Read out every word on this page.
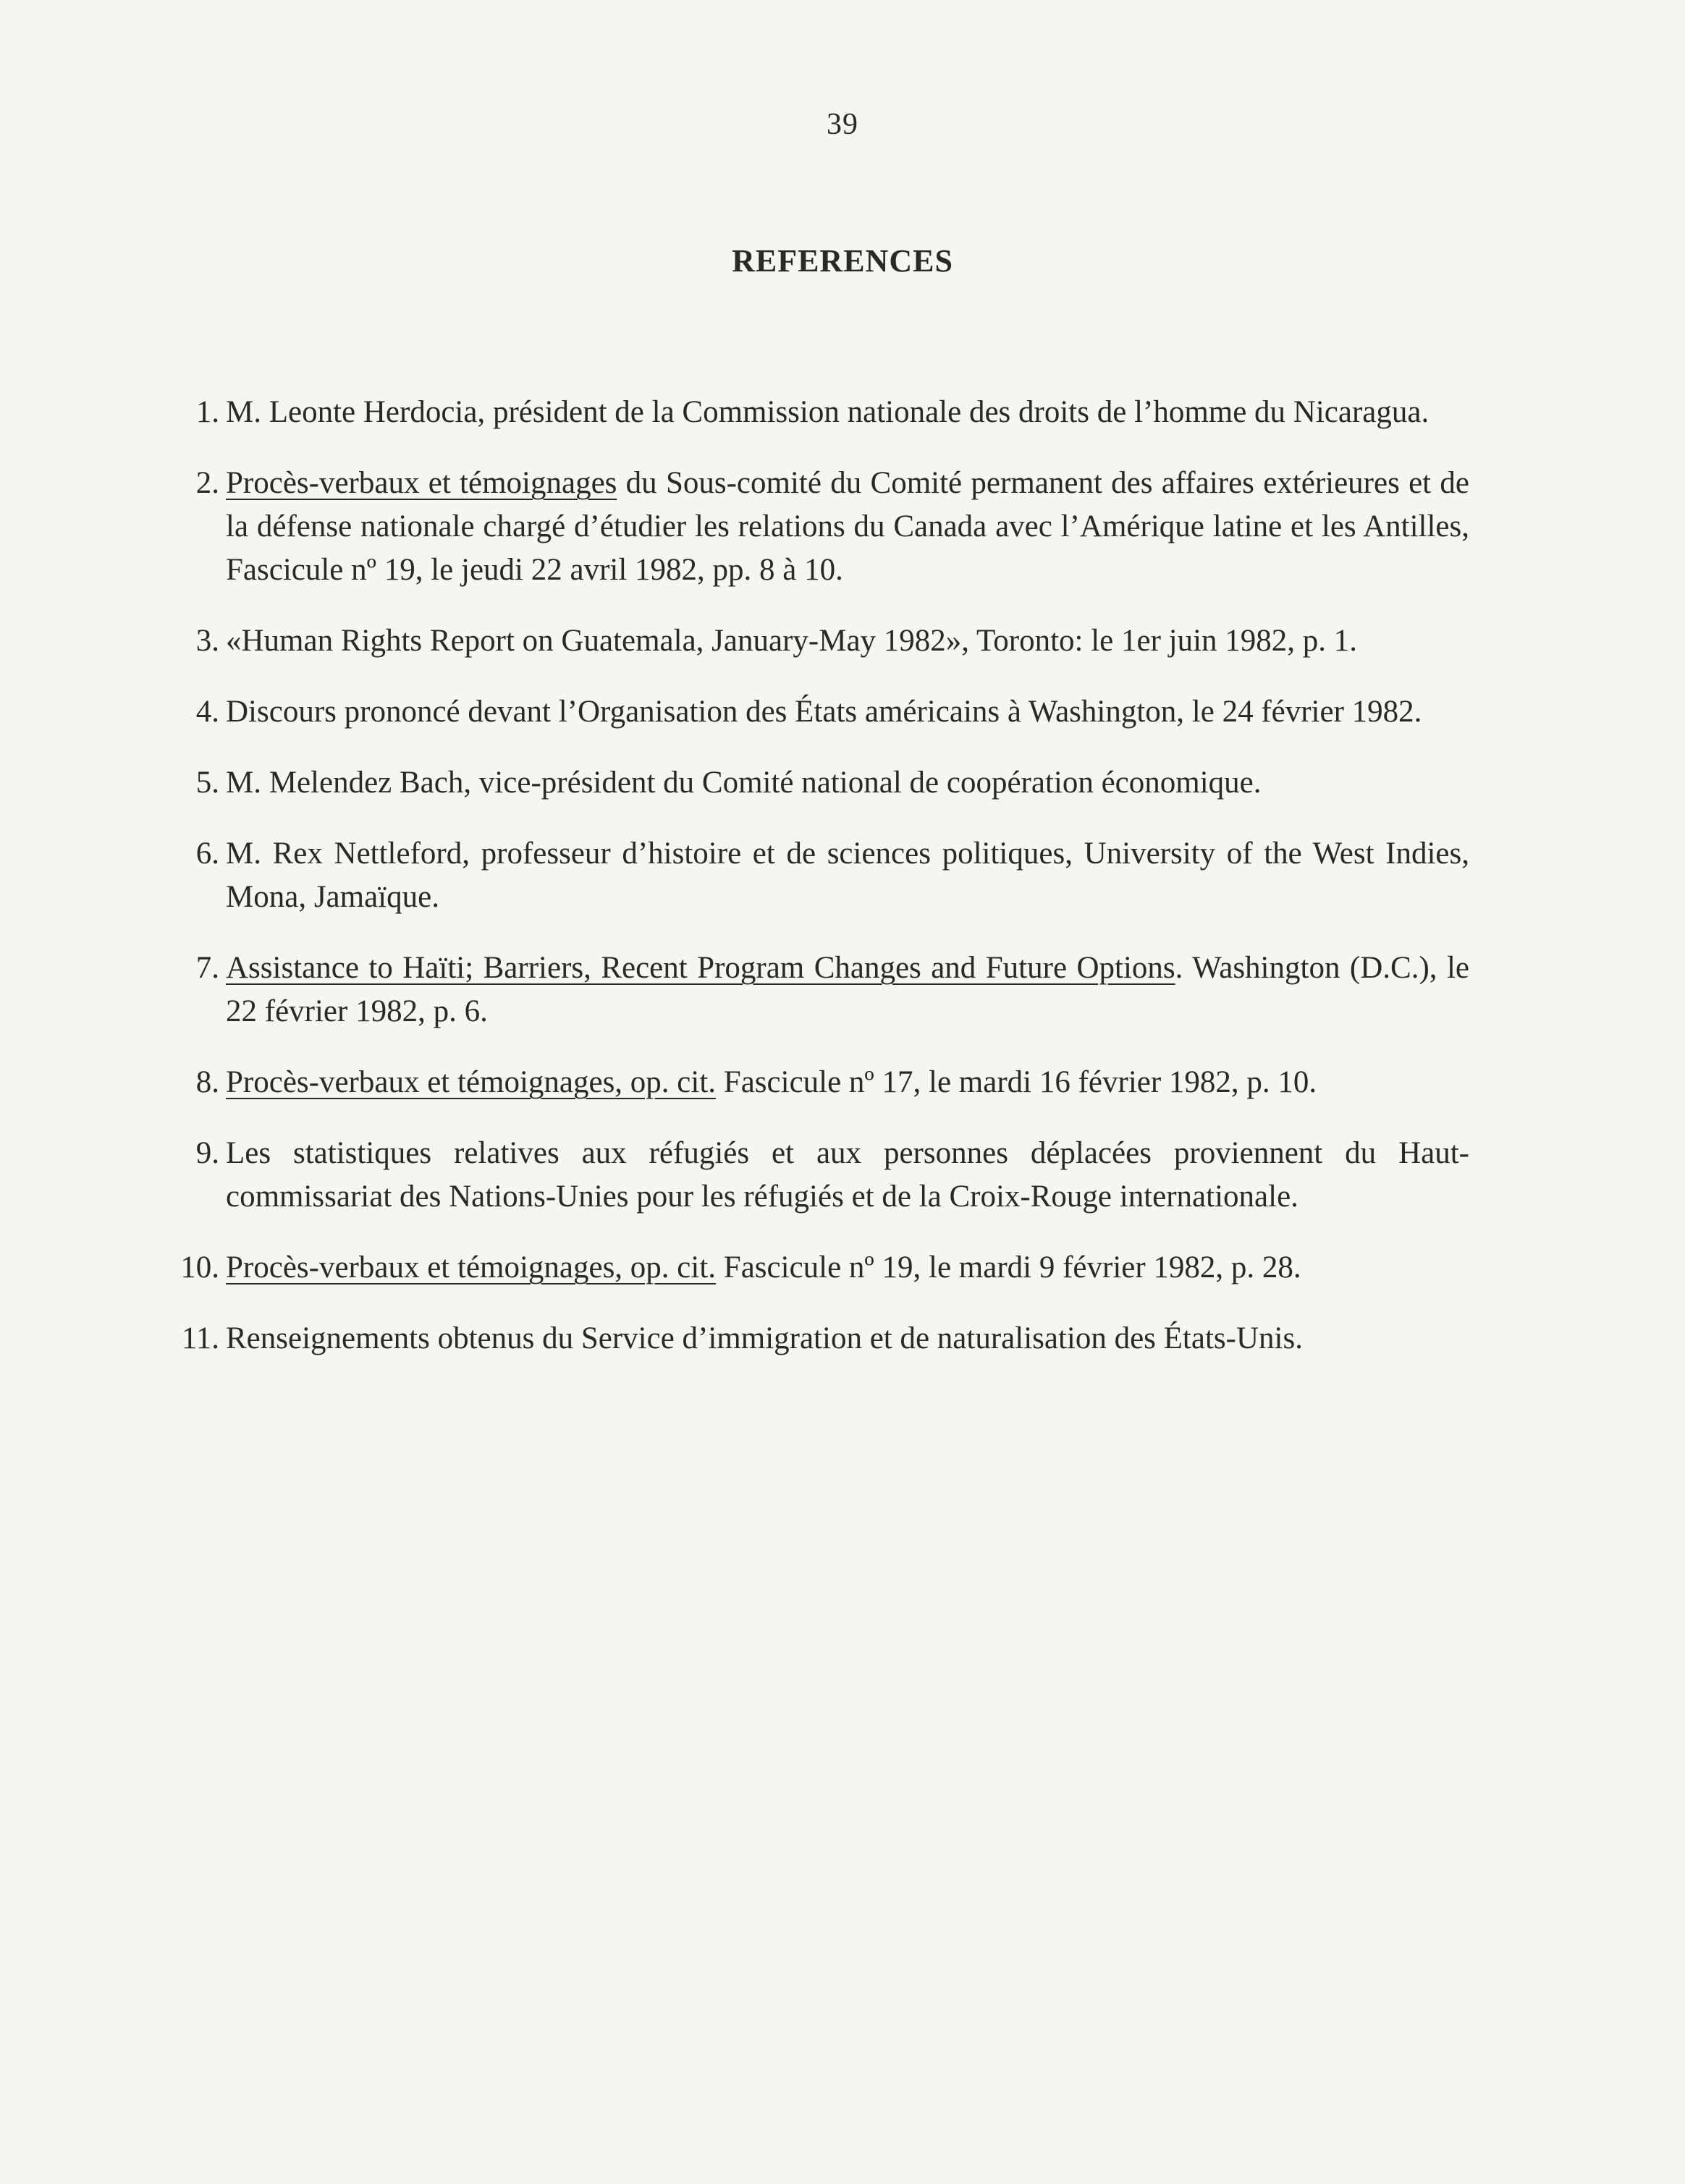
39
REFERENCES
1. M. Leonte Herdocia, président de la Commission nationale des droits de l’homme du Nicaragua.
2. Procès-verbaux et témoignages du Sous-comité du Comité permanent des affaires extérieures et de la défense nationale chargé d’étudier les relations du Canada avec l’Amérique latine et les Antilles, Fascicule nº 19, le jeudi 22 avril 1982, pp. 8 à 10.
3. «Human Rights Report on Guatemala, January-May 1982», Toronto: le 1er juin 1982, p. 1.
4. Discours prononcé devant l’Organisation des États américains à Washington, le 24 février 1982.
5. M. Melendez Bach, vice-président du Comité national de coopération économique.
6. M. Rex Nettleford, professeur d’histoire et de sciences politiques, University of the West Indies, Mona, Jamaïque.
7. Assistance to Haïti; Barriers, Recent Program Changes and Future Options. Washington (D.C.), le 22 février 1982, p. 6.
8. Procès-verbaux et témoignages, op. cit. Fascicule nº 17, le mardi 16 février 1982, p. 10.
9. Les statistiques relatives aux réfugiés et aux personnes déplacées proviennent du Haut-commissariat des Nations-Unies pour les réfugiés et de la Croix-Rouge internationale.
10. Procès-verbaux et témoignages, op. cit. Fascicule nº 19, le mardi 9 février 1982, p. 28.
11. Renseignements obtenus du Service d’immigration et de naturalisation des États-Unis.
